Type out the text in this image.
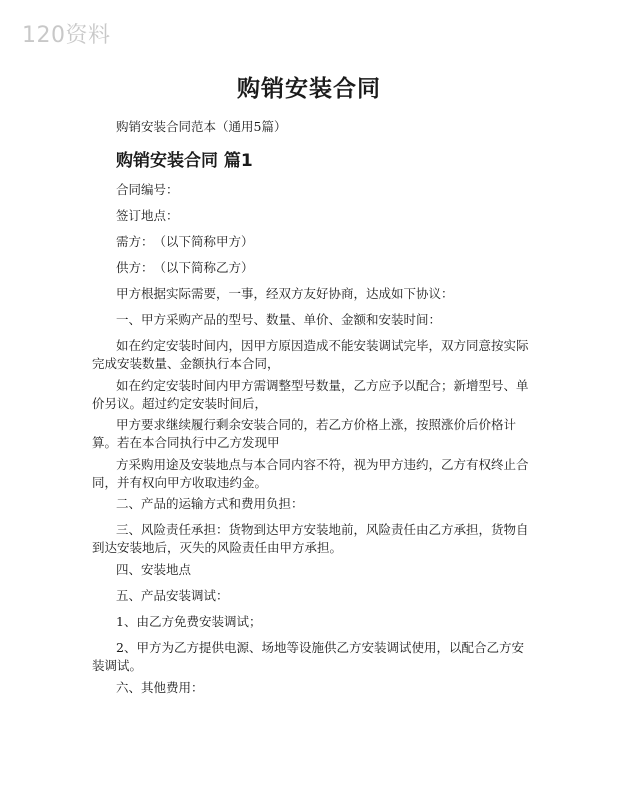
120资料
购销安装合同

购销安装合同范本（通用5篇）

购销安装合同 篇1

合同编号：

签订地点：

需方：　（以下简称甲方）

供方：　（以下简称乙方）

甲方根据实际需要，一事，经双方友好协商，达成如下协议：

一、甲方采购产品的型号、数量、单价、金额和安装时间：

如在约定安装时间内，因甲方原因造成不能安装调试完毕，双方同意按实际完成安装数量、金额执行本合同，

如在约定安装时间内甲方需调整型号数量，乙方应予以配合；新增型号、单价另议。超过约定安装时间后，

甲方要求继续履行剩余安装合同的，若乙方价格上涨，按照涨价后价格计算。若在本合同执行中乙方发现甲

方采购用途及安装地点与本合同内容不符，视为甲方违约，乙方有权终止合同，并有权向甲方收取违约金。

二、产品的运输方式和费用负担：

三、风险责任承担：货物到达甲方安装地前，风险责任由乙方承担，货物自到达安装地后，灭失的风险责任由甲方承担。

四、安装地点

五、产品安装调试：

1、由乙方免费安装调试；

2、甲方为乙方提供电源、场地等设施供乙方安装调试使用，以配合乙方安装调试。

六、其他费用：
